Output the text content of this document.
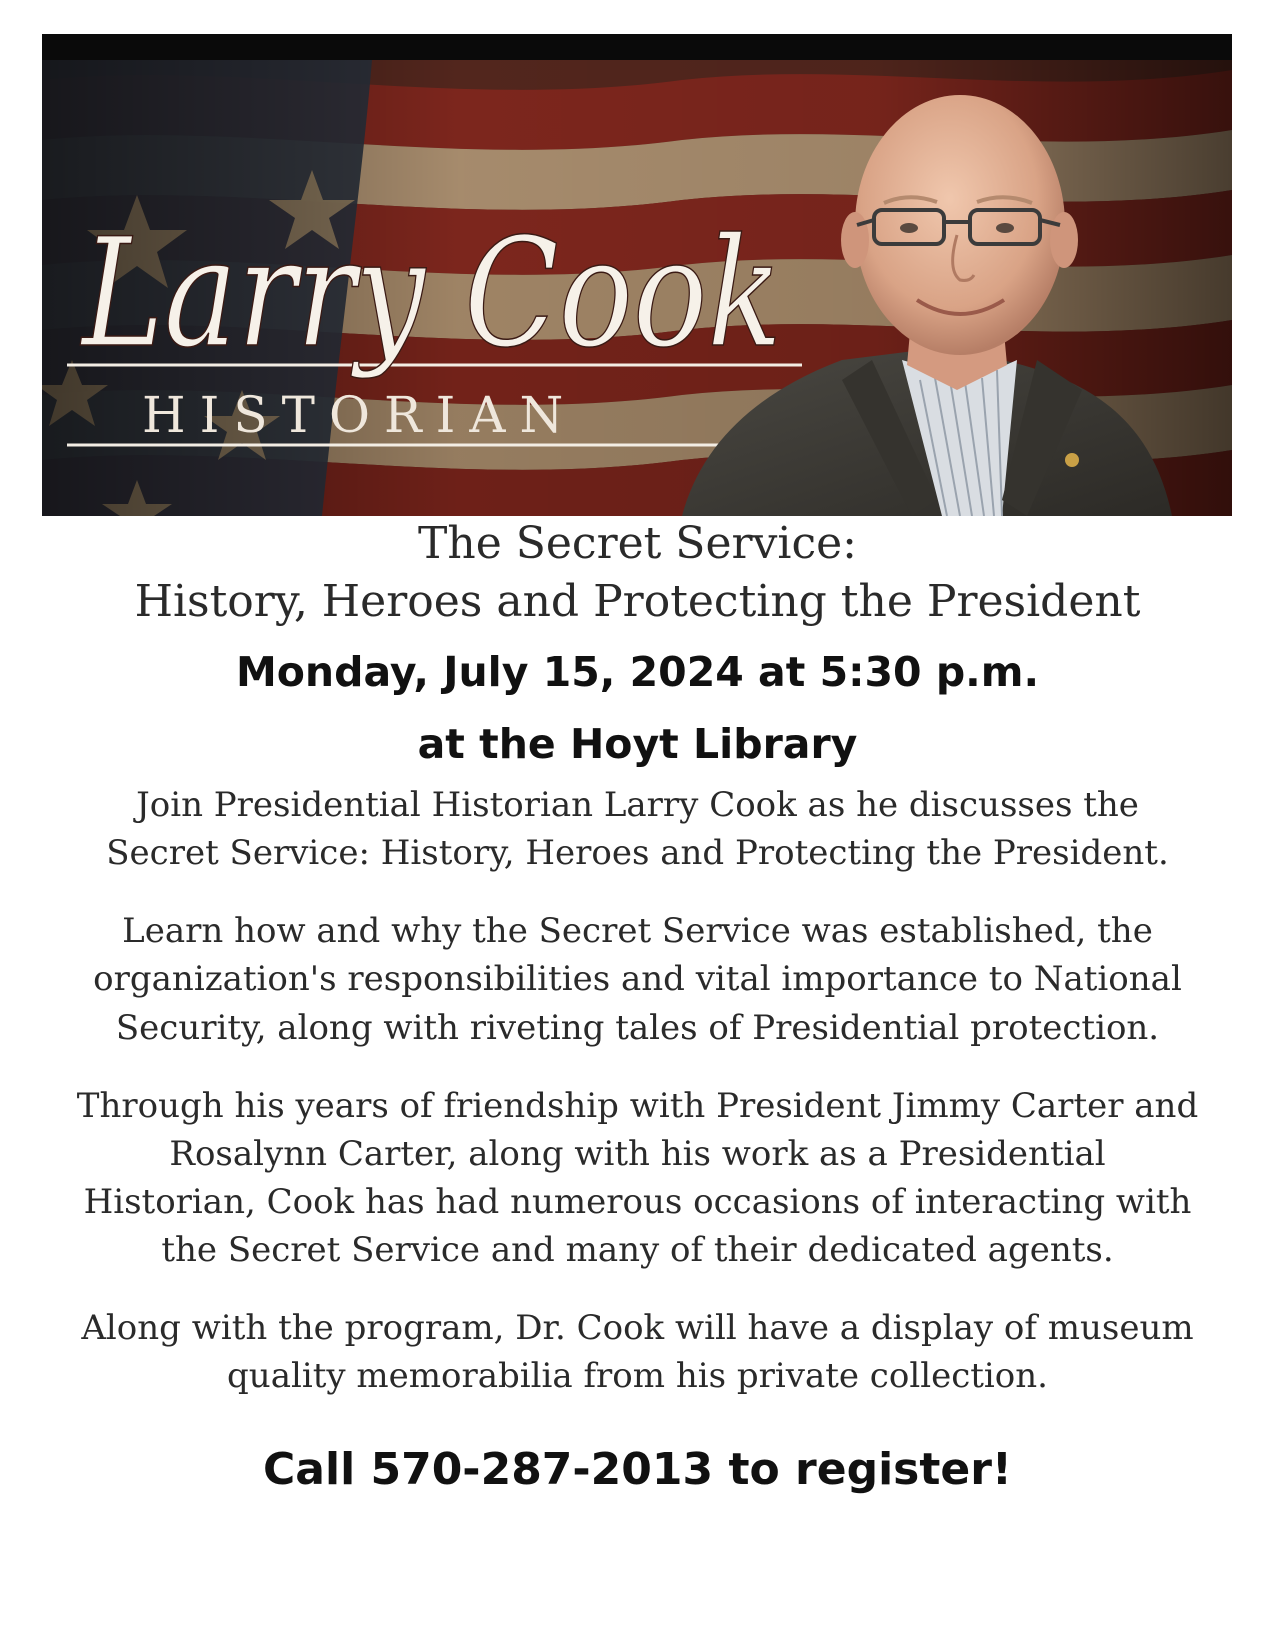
Larry Cook
HISTORIAN

The Secret Service:

History, Heroes and Protecting the President

Monday, July 15, 2024 at 5:30 p.m.

at the Hoyt Library

Join Presidential Historian Larry Cook as he discusses the

Secret Service: History, Heroes and Protecting the President.

Learn how and why the Secret Service was established, the

organization's responsibilities and vital importance to National

Security, along with riveting tales of Presidential protection.

Through his years of friendship with President Jimmy Carter and

Rosalynn Carter, along with his work as a Presidential

Historian, Cook has had numerous occasions of interacting with

the Secret Service and many of their dedicated agents.

Along with the program, Dr. Cook will have a display of museum

quality memorabilia from his private collection.

Call 570-287-2013 to register!
